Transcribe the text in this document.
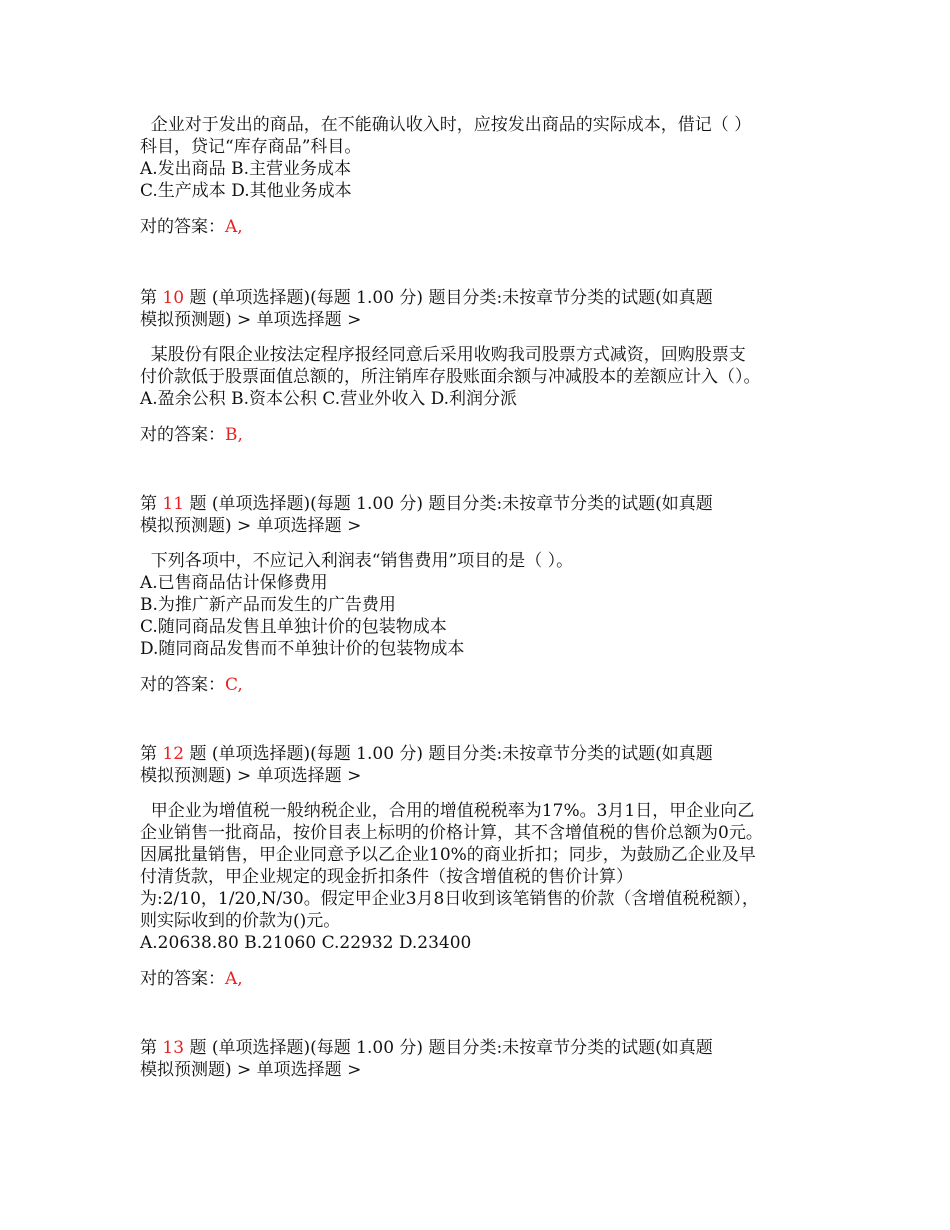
企业对于发出的商品，在不能确认收入时，应按发出商品的实际成本，借记（ ）
科目，贷记“库存商品”科目。
A.发出商品 B.主营业务成本
C.生产成本 D.其他业务成本
对的答案：A,
第 10 题 (单项选择题)(每题 1.00 分) 题目分类:未按章节分类的试题(如真题
模拟预测题) > 单项选择题 >
某股份有限企业按法定程序报经同意后采用收购我司股票方式减资，回购股票支
付价款低于股票面值总额的，所注销库存股账面余额与冲减股本的差额应计入（）。
A.盈余公积 B.资本公积 C.营业外收入 D.利润分派
对的答案：B,
第 11 题 (单项选择题)(每题 1.00 分) 题目分类:未按章节分类的试题(如真题
模拟预测题) > 单项选择题 >
下列各项中，不应记入利润表“销售费用”项目的是（ ）。
A.已售商品估计保修费用
B.为推广新产品而发生的广告费用
C.随同商品发售且单独计价的包装物成本
D.随同商品发售而不单独计价的包装物成本
对的答案：C,
第 12 题 (单项选择题)(每题 1.00 分) 题目分类:未按章节分类的试题(如真题
模拟预测题) > 单项选择题 >
甲企业为增值税一般纳税企业，合用的增值税税率为17%。3月1日，甲企业向乙
企业销售一批商品，按价目表上标明的价格计算，其不含增值税的售价总额为0元。
因属批量销售，甲企业同意予以乙企业10%的商业折扣；同步，为鼓励乙企业及早
付清货款，甲企业规定的现金折扣条件（按含增值税的售价计算）
为:2/10，1/20,N/30。假定甲企业3月8日收到该笔销售的价款（含增值税税额），
则实际收到的价款为()元。
A.20638.80 B.21060 C.22932 D.23400
对的答案：A,
第 13 题 (单项选择题)(每题 1.00 分) 题目分类:未按章节分类的试题(如真题
模拟预测题) > 单项选择题 >
